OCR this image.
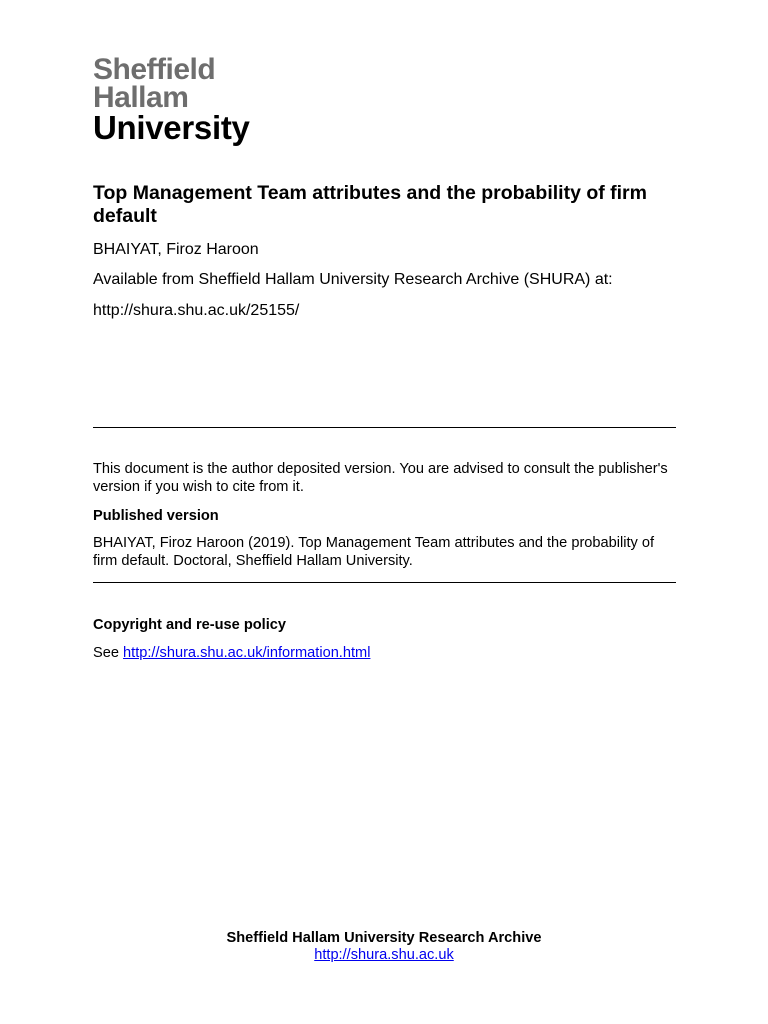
Sheffield
Hallam
University
Top Management Team attributes and the probability of firm default

BHAIYAT, Firoz Haroon

Available from Sheffield Hallam University Research Archive (SHURA) at:

http://shura.shu.ac.uk/25155/

This document is the author deposited version. You are advised to consult the publisher's version if you wish to cite from it.

Published version

BHAIYAT, Firoz Haroon (2019). Top Management Team attributes and the probability of firm default. Doctoral, Sheffield Hallam University.

Copyright and re-use policy

See http://shura.shu.ac.uk/information.html

Sheffield Hallam University Research Archive
http://shura.shu.ac.uk
